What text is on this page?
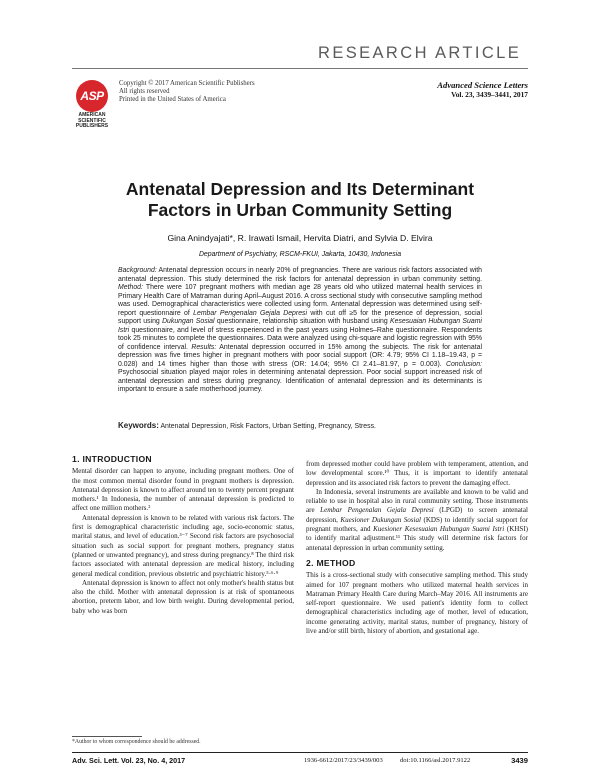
RESEARCH ARTICLE
ASP
AMERICAN
SCIENTIFIC
PUBLISHERS
Copyright © 2017 American Scientific Publishers
All rights reserved
Printed in the United States of America
Advanced Science Letters
Vol. 23, 3439–3441, 2017
Antenatal Depression and Its Determinant
Factors in Urban Community Setting
Gina Anindyajati*, R. Irawati Ismail, Hervita Diatri, and Sylvia D. Elvira
Department of Psychiatry, RSCM-FKUI, Jakarta, 10430, Indonesia
Background: Antenatal depression occurs in nearly 20% of pregnancies. There are various risk factors associated with antenatal depression. This study determined the risk factors for antenatal depression in urban community setting. Method: There were 107 pregnant mothers with median age 28 years old who utilized maternal health services in Primary Health Care of Matraman during April–August 2016. A cross sectional study with consecutive sampling method was used. Demographical characteristics were collected using form. Antenatal depression was determined using self-report questionnaire of Lembar Pengenalan Gejala Depresi with cut off ≥5 for the presence of depression, social support using Dukungan Sosial questionnaire, relationship situation with husband using Kesesuaian Hubungan Suami Istri questionnaire, and level of stress experienced in the past years using Holmes–Rahe questionnaire. Respondents took 25 minutes to complete the questionnaires. Data were analyzed using chi-square and logistic regression with 95% of confidence interval. Results: Antenatal depression occurred in 15% among the subjects. The risk for antenatal depression was five times higher in pregnant mothers with poor social support (OR: 4.79; 95% CI 1.18–19.43, p = 0.028) and 14 times higher than those with stress (OR: 14.04; 95% CI 2.41–81.97, p = 0.003). Conclusion: Psychosocial situation played major roles in determining antenatal depression. Poor social support increased risk of antenatal depression and stress during pregnancy. Identification of antenatal depression and its determinants is important to ensure a safe motherhood journey.
Keywords: Antenatal Depression, Risk Factors, Urban Setting, Pregnancy, Stress.
1. INTRODUCTION

Mental disorder can happen to anyone, including pregnant mothers. One of the most common mental disorder found in pregnant mothers is depression. Antenatal depression is known to affect around ten to twenty percent pregnant mothers.¹ In Indonesia, the number of antenatal depression is predicted to affect one million mothers.²

Antenatal depression is known to be related with various risk factors. The first is demographical characteristic including age, socio-economic status, marital status, and level of education.³⁻⁷ Second risk factors are psychosocial situation such as social support for pregnant mothers, pregnancy status (planned or unwanted pregnancy), and stress during pregnancy.⁸ The third risk factors associated with antenatal depression are medical history, including general medical condition, previous obstetric and psychiatric history.⁵·⁶·⁹

Antenatal depression is known to affect not only mother's health status but also the child. Mother with antenatal depression is at risk of spontaneous abortion, preterm labor, and low birth weight. During developmental period, baby who was born

from depressed mother could have problem with temperament, attention, and low developmental score.¹⁰ Thus, it is important to identify antenatal depression and its associated risk factors to prevent the damaging effect.

In Indonesia, several instruments are available and known to be valid and reliable to use in hospital also in rural community setting. Those instruments are Lembar Pengenalan Gejala Depresi (LPGD) to screen antenatal depression, Kuesioner Dukungan Sosial (KDS) to identify social support for pregnant mothers, and Kuesioner Kesesuaian Hubungan Suami Istri (KHSI) to identify marital adjustment.¹¹ This study will determine risk factors for antenatal depression in urban community setting.

2. METHOD

This is a cross-sectional study with consecutive sampling method. This study aimed for 107 pregnant mothers who utilized maternal health services in Matraman Primary Health Care during March–May 2016. All instruments are self-report questionnaire. We used patient's identity form to collect demographical characteristics including age of mother, level of education, income generating activity, marital status, number of pregnancy, history of live and/or still birth, history of abortion, and gestational age.

*Author to whom correspondence should be addressed.
Adv. Sci. Lett. Vol. 23, No. 4, 2017	1936-6612/2017/23/3439/003	doi:10.1166/asl.2017.9122	3439
